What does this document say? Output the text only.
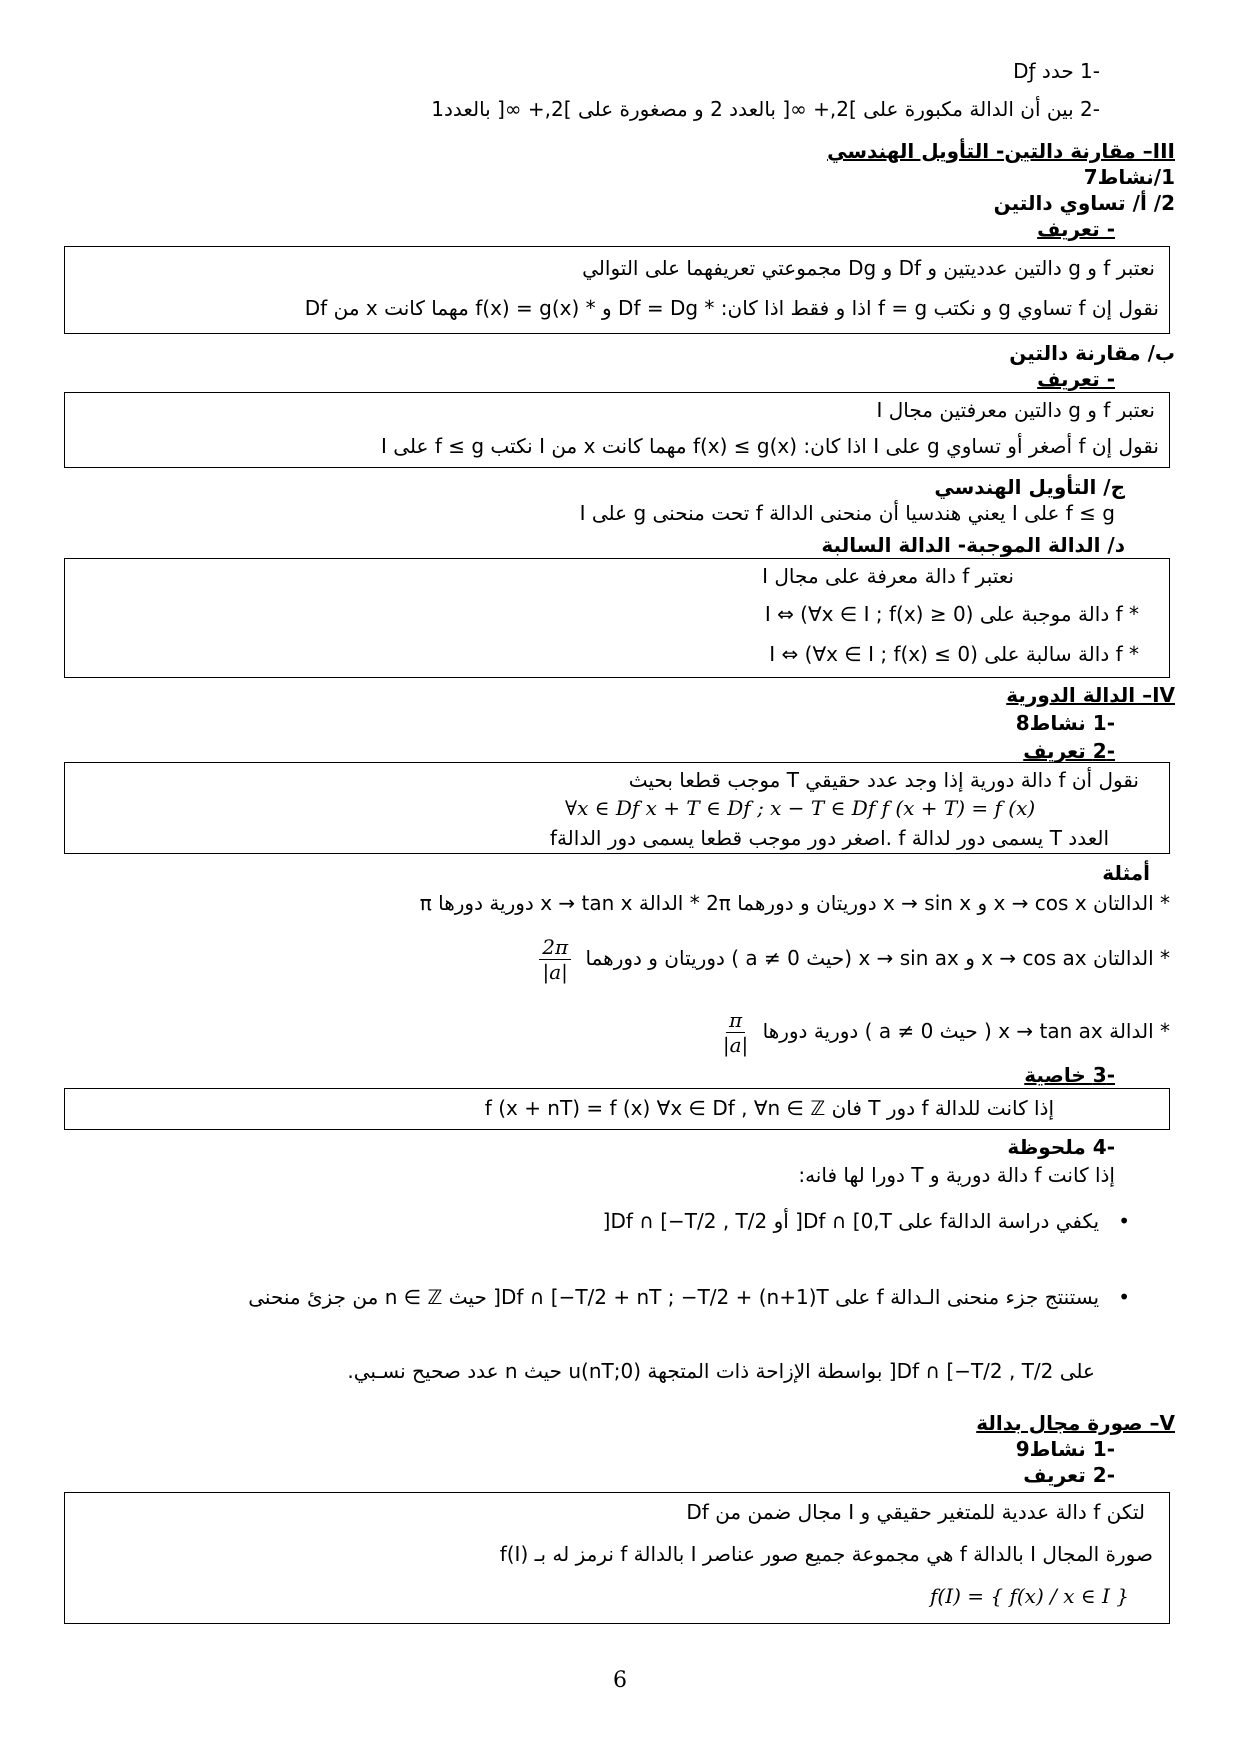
-1 حدد Dƒ
-2 بين أن الدالة مكبورة على ]2,+ ∞[ بالعدد 2 و مصغورة على ]2,+ ∞[ بالعدد1
III– مقارنة دالتين- التأويل الهندسي
1/نشاط7
2/ أ/ تساوي دالتين
- تعريف
نعتبر f و g دالتين عدديتين و Df و Dg مجموعتي تعريفهما على التوالي
نقول إن f تساوي g و نكتب f = g اذا و فقط اذا كان: * Df = Dg و * f(x) = g(x) مهما كانت x من Df
ب/ مقارنة دالتين
- تعريف
نعتبر f و g دالتين معرفتين مجال I
نقول إن f أصغر أو تساوي g على I اذا كان: f(x) ≤ g(x) مهما كانت x من I نكتب f ≤ g على I
ج/ التأويل الهندسي
f ≤ g على I يعني هندسيا أن منحنى الدالة f تحت منحنى g على I
د/ الدالة الموجبة- الدالة السالبة
نعتبر f دالة معرفة على مجال I
* f دالة موجبة على I ⇔ (∀x ∈ I ; f(x) ≥ 0)
* f دالة سالبة على I ⇔ (∀x ∈ I ; f(x) ≤ 0)
IV– الدالة الدورية
-1 نشاط8
-2 تعريف
نقول أن f دالة دورية إذا وجد عدد حقيقي T موجب قطعا بحيث
∀x ∈ Df x + T ∈ Df ; x − T ∈ Df f (x + T) = f (x)
العدد T يسمى دور لدالة f .اصغر دور موجب قطعا يسمى دور الدالةf
أمثلة
* الدالتان x → cos x و x → sin x دوريتان و دورهما 2π * الدالة x → tan x دورية دورها π
* الدالتان x → cos ax و x → sin ax (حيث a ≠ 0 ) دوريتان و دورهما
$\frac{2\pi}{|a|}$
* الدالة x → tan ax ( حيث a ≠ 0 ) دورية دورها
$\frac{\pi}{|a|}$
-3 خاصية
إذا كانت للدالة f دور T فان f (x + nT) = f (x) ∀x ∈ Df , ∀n ∈ ℤ
-4 ملحوظة
إذا كانت f دالة دورية و T دورا لها فانه:
•   يكفي دراسة الدالةf على Df ∩ [0,T[ أو Df ∩ [−T/2 , T/2[
•   يستنتج جزء منحنى الـدالة f على Df ∩ [−T/2 + nT ; −T/2 + (n+1)T[ حيث n ∈ ℤ من جزئ منحنى
على Df ∩ [−T/2 , T/2[ بواسطة الإزاحة ذات المتجهة u(nT;0) حيث n عدد صحيح نسـبي.
V– صورة مجال بدالة
-1 نشاط9
-2 تعريف
لتكن f دالة عددية للمتغير حقيقي و I مجال ضمن من Df
صورة المجال I بالدالة f هي مجموعة جميع صور عناصر I بالدالة f نرمز له بـ f(I)
f(I) = { f(x) / x ∈ I }
6
